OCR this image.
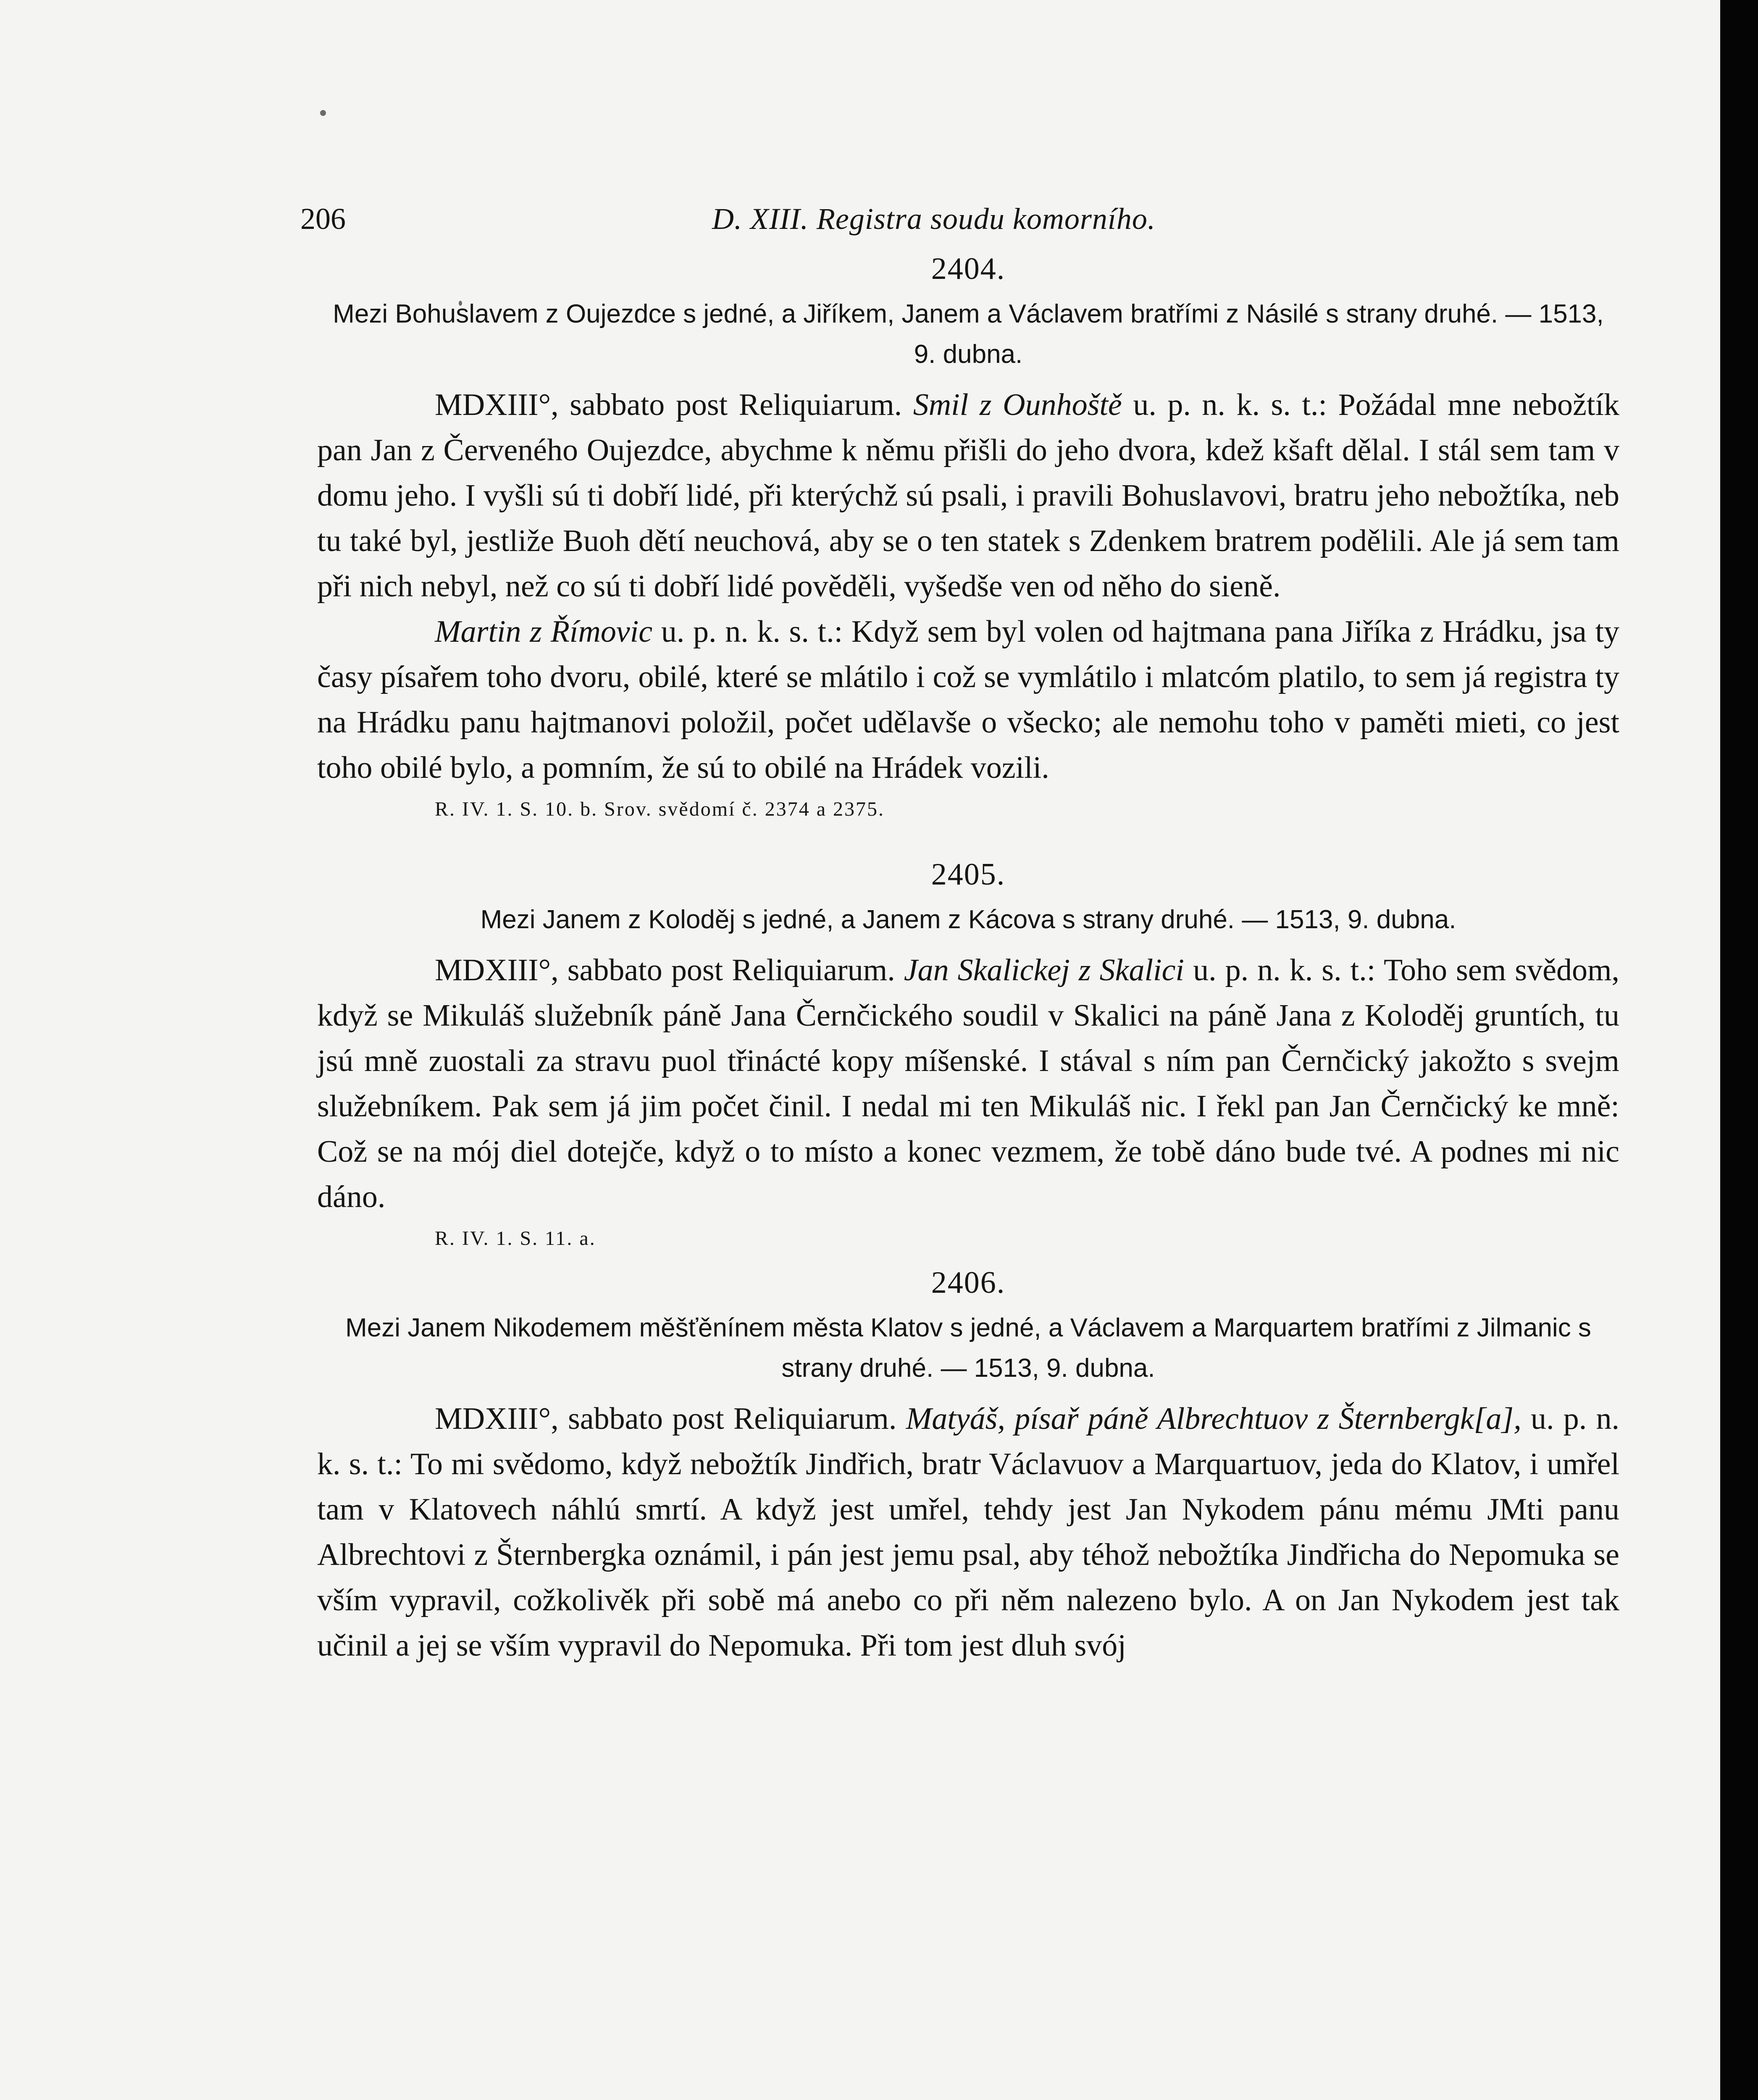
206	D. XIII. Registra soudu komorního.
2404.
Mezi Bohuslavem z Oujezdce s jedné, a Jiříkem, Janem a Václavem bratřími z Násilé s strany druhé. — 1513, 9. dubna.

MDXIII°, sabbato post Reliquiarum. Smil z Ounhoště u. p. n. k. s. t.: Požádal mne nebožtík pan Jan z Červeného Oujezdce, abychme k němu přišli do jeho dvora, kdež kšaft dělal. I stál sem tam v domu jeho. I vyšli sú ti dobří lidé, při kterýchž sú psali, i pravili Bohuslavovi, bratru jeho nebožtíka, neb tu také byl, jestliže Buoh dětí neuchová, aby se o ten statek s Zdenkem bratrem podělili. Ale já sem tam při nich nebyl, než co sú ti dobří lidé pověděli, vyšedše ven od něho do sieně.

Martin z Římovic u. p. n. k. s. t.: Když sem byl volen od hajtmana pana Jiříka z Hrádku, jsa ty časy písařem toho dvoru, obilé, které se mlátilo i což se vymlátilo i mlatcóm platilo, to sem já registra ty na Hrádku panu hajtmanovi položil, počet udělavše o všecko; ale nemohu toho v paměti mieti, co jest toho obilé bylo, a pomním, že sú to obilé na Hrádek vozili.

R. IV. 1. S. 10. b. Srov. svědomí č. 2374 a 2375.
2405.
Mezi Janem z Koloděj s jedné, a Janem z Kácova s strany druhé. — 1513, 9. dubna.

MDXIII°, sabbato post Reliquiarum. Jan Skalickej z Skalici u. p. n. k. s. t.: Toho sem svědom, když se Mikuláš služebník páně Jana Černčického soudil v Skalici na páně Jana z Koloděj gruntích, tu jsú mně zuostali za stravu puol třinácté kopy míšenské. I stával s ním pan Černčický jakožto s svejm služebníkem. Pak sem já jim počet činil. I nedal mi ten Mikuláš nic. I řekl pan Jan Černčický ke mně: Což se na mój diel dotejče, když o to místo a konec vezmem, že tobě dáno bude tvé. A podnes mi nic dáno.

R. IV. 1. S. 11. a.
2406.
Mezi Janem Nikodemem měšťěnínem města Klatov s jedné, a Václavem a Marquartem bratřími z Jilmanic s strany druhé. — 1513, 9. dubna.

MDXIII°, sabbato post Reliquiarum. Matyáš, písař páně Albrechtuov z Šternbergk[a], u. p. n. k. s. t.: To mi svědomo, když nebožtík Jindřich, bratr Václavuov a Marquartuov, jeda do Klatov, i umřel tam v Klatovech náhlú smrtí. A když jest umřel, tehdy jest Jan Nykodem pánu mému JMti panu Albrechtovi z Šternbergka oznámil, i pán jest jemu psal, aby téhož nebožtíka Jindřicha do Nepomuka se vším vypravil, cožkolivěk při sobě má anebo co při něm nalezeno bylo. A on Jan Nykodem jest tak učinil a jej se vším vypravil do Nepomuka. Při tom jest dluh svój
